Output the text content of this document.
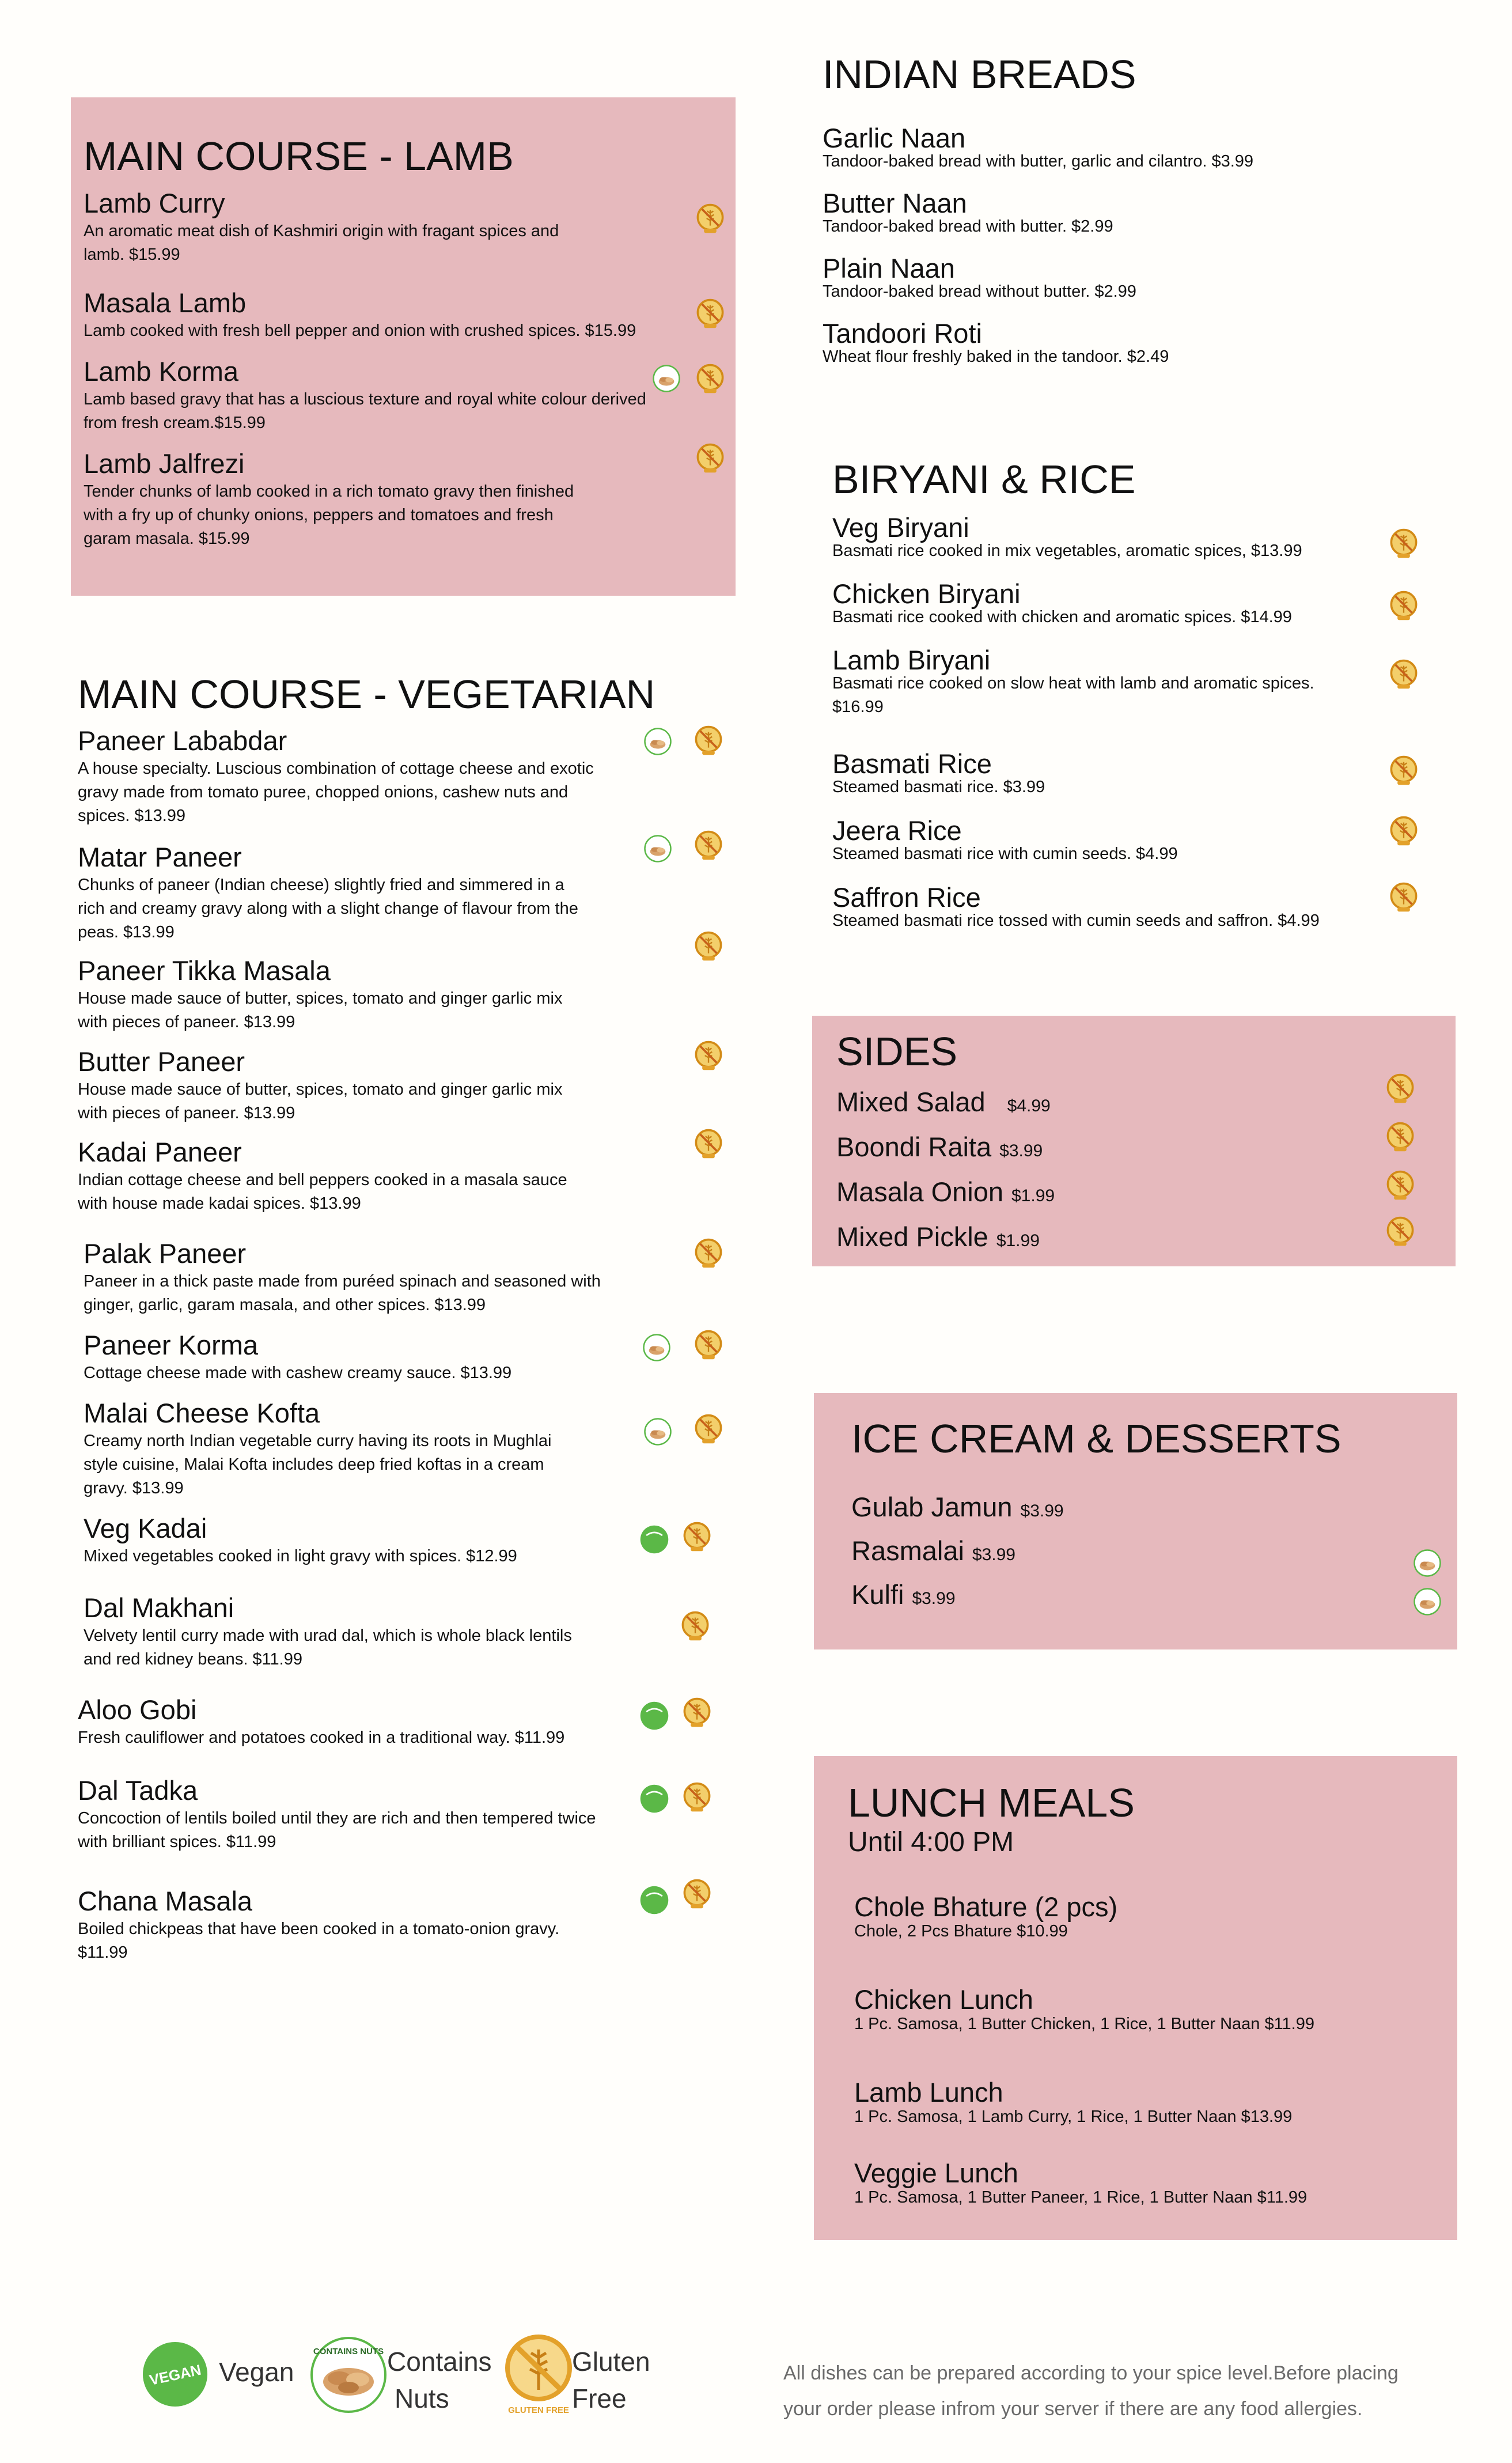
MAIN COURSE - LAMB
Lamb Curry
An aromatic meat dish of Kashmiri origin with fragant spices and lamb. $15.99
Masala Lamb
Lamb cooked with fresh bell pepper and onion with crushed spices. $15.99
Lamb Korma
Lamb based gravy that has a luscious texture and royal white colour derived from fresh cream.$15.99
Lamb Jalfrezi
Tender chunks of lamb cooked in a rich tomato gravy then finished with a fry up of chunky onions, peppers and tomatoes and fresh garam masala. $15.99
MAIN COURSE - VEGETARIAN
Paneer Lababdar
A house specialty. Luscious combination of cottage cheese and exotic gravy made from tomato puree, chopped onions, cashew nuts and spices. $13.99
Matar Paneer
Chunks of paneer (Indian cheese) slightly fried and simmered in a rich and creamy gravy along with a slight change of flavour from the peas. $13.99
Paneer Tikka Masala
House made sauce of butter, spices, tomato and ginger garlic mix with pieces of paneer. $13.99
Butter Paneer
House made sauce of butter, spices, tomato and ginger garlic mix with pieces of paneer. $13.99
Kadai Paneer
Indian cottage cheese and bell peppers cooked in a masala sauce with house made kadai spices. $13.99
Palak Paneer
Paneer in a thick paste made from puréed spinach and seasoned with ginger, garlic, garam masala, and other spices. $13.99
Paneer Korma
Cottage cheese made with cashew creamy sauce. $13.99
Malai Cheese Kofta
Creamy north Indian vegetable curry having its roots in Mughlai style cuisine, Malai Kofta includes deep fried koftas in a cream gravy. $13.99
Veg Kadai
Mixed vegetables cooked in light gravy with spices. $12.99
Dal Makhani
Velvety lentil curry made with urad dal, which is whole black lentils and red kidney beans. $11.99
Aloo Gobi
Fresh cauliflower and potatoes cooked in a traditional way. $11.99
Dal Tadka
Concoction of lentils boiled until they are rich and then tempered twice with brilliant spices. $11.99
Chana Masala
Boiled chickpeas that have been cooked in a tomato-onion gravy. $11.99
INDIAN BREADS
Garlic Naan
Tandoor-baked bread with butter, garlic and cilantro. $3.99
Butter Naan
Tandoor-baked bread with butter. $2.99
Plain Naan
Tandoor-baked bread without butter. $2.99
Tandoori Roti
Wheat flour freshly baked in the tandoor. $2.49
BIRYANI & RICE
Veg Biryani
Basmati rice cooked in mix vegetables, aromatic spices, $13.99
Chicken Biryani
Basmati rice cooked with chicken and aromatic spices. $14.99
Lamb Biryani
Basmati rice cooked on slow heat with lamb and aromatic spices. $16.99
Basmati Rice
Steamed basmati rice. $3.99
Jeera Rice
Steamed basmati rice with cumin seeds. $4.99
Saffron Rice
Steamed basmati rice tossed with cumin seeds and saffron. $4.99
SIDES
Mixed Salad $4.99
Boondi Raita $3.99
Masala Onion $1.99
Mixed Pickle $1.99
ICE CREAM & DESSERTS
Gulab Jamun $3.99
Rasmalai $3.99
Kulfi $3.99
LUNCH MEALS
Until 4:00 PM
Chole Bhature (2 pcs)
Chole, 2 Pcs Bhature $10.99
Chicken Lunch
1 Pc. Samosa, 1 Butter Chicken, 1 Rice, 1 Butter Naan $11.99
Lamb Lunch
1 Pc. Samosa, 1 Lamb Curry, 1 Rice, 1 Butter Naan $13.99
Veggie Lunch
1 Pc. Samosa, 1 Butter Paneer, 1 Rice, 1 Butter Naan $11.99
VEGAN Vegan
CONTAINS NUTS Contains
Nuts	GLUTEN FREE
Gluten
Free
All dishes can be prepared according to your spice level.Before placing your order please infrom your server if there are any food allergies.
